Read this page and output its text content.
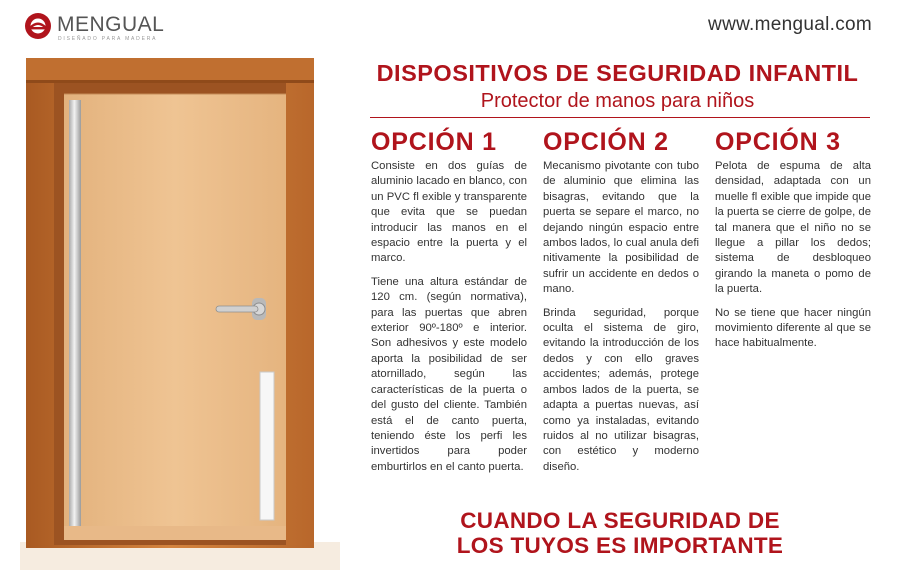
MENGUAL
DISEÑADO PARA MADERA
www.mengual.com
DISPOSITIVOS DE SEGURIDAD INFANTIL
Protector de manos para niños
OPCIÓN 1

Consiste en dos guías de aluminio lacado en blanco, con un PVC fl exible y transparente que evita que se puedan introducir las manos en el espacio entre la puerta y el marco.

Tiene una altura estándar de 120 cm. (según normativa), para las puertas que abren exterior 90º-180º e interior. Son adhesivos y este modelo aporta la posibilidad de ser atornillado, según las características de la puerta o del gusto del cliente. También está el de canto puerta, teniendo éste los perfi les invertidos para poder emburtirlos en el canto puerta.

OPCIÓN 2

Mecanismo pivotante con tubo de aluminio que elimina las bisagras, evitando que la puerta se separe el marco, no dejando ningún espacio entre ambos lados, lo cual anula defi nitivamente la posibilidad de sufrir un accidente en dedos o mano.

Brinda seguridad, porque oculta el sistema de giro, evitando la introducción de los dedos y con ello graves accidentes; además, protege ambos lados de la puerta, se adapta a puertas nuevas, así como ya instaladas, evitando ruidos al no utilizar bisagras, con estético y moderno diseño.

OPCIÓN 3

Pelota de espuma de alta densidad, adaptada con un muelle fl exible que impide que la puerta se cierre de golpe, de tal manera que el niño no se llegue a pillar los dedos; sistema de desbloqueo girando la maneta o pomo de la puerta.

No se tiene que hacer ningún movimiento diferente al que se hace habitualmente.

CUANDO LA SEGURIDAD DE
LOS TUYOS ES IMPORTANTE
